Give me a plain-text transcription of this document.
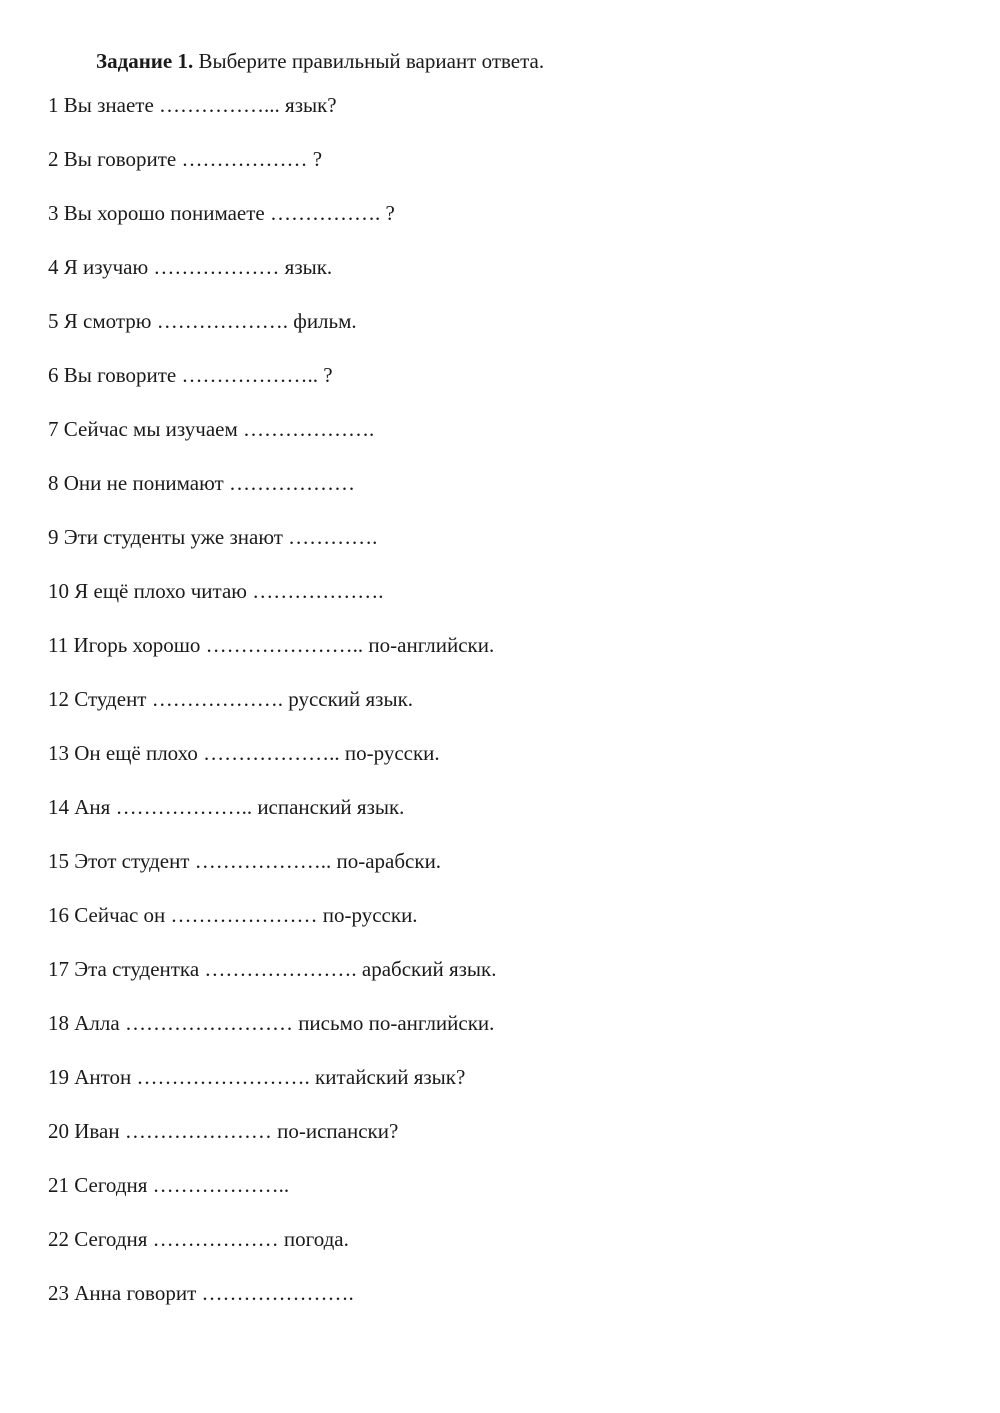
Задание 1. Выберите правильный вариант ответа.
1 Вы знаете ……………... язык?
2 Вы говорите ……………… ?
3 Вы хорошо понимаете ……………. ?
4 Я изучаю ……………… язык.
5 Я смотрю ………………. фильм.
6 Вы говорите ……………….. ?
7 Сейчас мы изучаем ……………….
8 Они не понимают ………………
9 Эти студенты уже знают ………….
10 Я ещё плохо читаю ……………….
11 Игорь хорошо ………………….. по-английски.
12 Студент ………………. русский язык.
13 Он ещё плохо ……………….. по-русски.
14 Аня ……………….. испанский язык.
15 Этот студент ……………….. по-арабски.
16 Сейчас он ………………… по-русски.
17 Эта студентка …………………. арабский язык.
18 Алла …………………… письмо по-английски.
19 Антон ……………………. китайский язык?
20 Иван ………………… по-испански?
21 Сегодня ………………..
22 Сегодня ……………… погода.
23 Анна говорит ………………….
